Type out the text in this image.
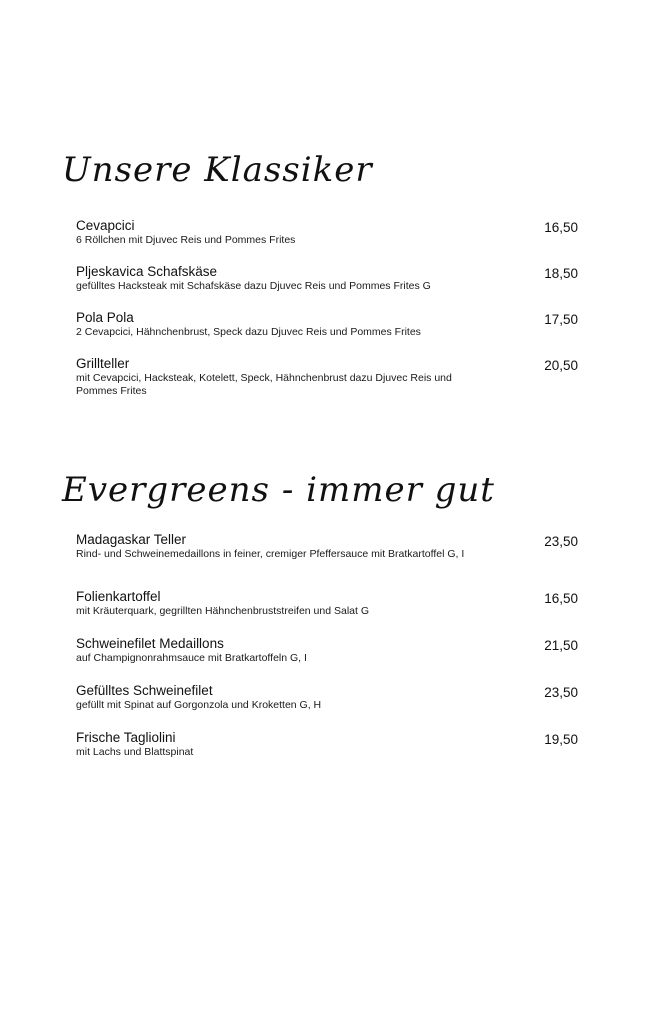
Unsere Klassiker
Cevapcici
6 Röllchen mit Djuvec Reis und Pommes Frites
16,50
Pljeskavica Schafskäse
gefülltes Hacksteak mit Schafskäse dazu Djuvec Reis und Pommes Frites G
18,50
Pola Pola
2 Cevapcici, Hähnchenbrust, Speck dazu Djuvec Reis und Pommes Frites
17,50
Grillteller
mit Cevapcici, Hacksteak, Kotelett, Speck, Hähnchenbrust dazu Djuvec Reis und Pommes Frites
20,50
Evergreens - immer gut
Madagaskar Teller
Rind- und Schweinemedaillons in feiner, cremiger Pfeffersauce mit Bratkartoffel G, I
23,50
Folienkartoffel
mit Kräuterquark, gegrillten Hähnchenbruststreifen und Salat G
16,50
Schweinefilet Medaillons
auf Champignonrahmsauce mit Bratkartoffeln G, I
21,50
Gefülltes Schweinefilet
gefüllt mit Spinat auf Gorgonzola und Kroketten G, H
23,50
Frische Tagliolini
mit Lachs und Blattspinat
19,50
